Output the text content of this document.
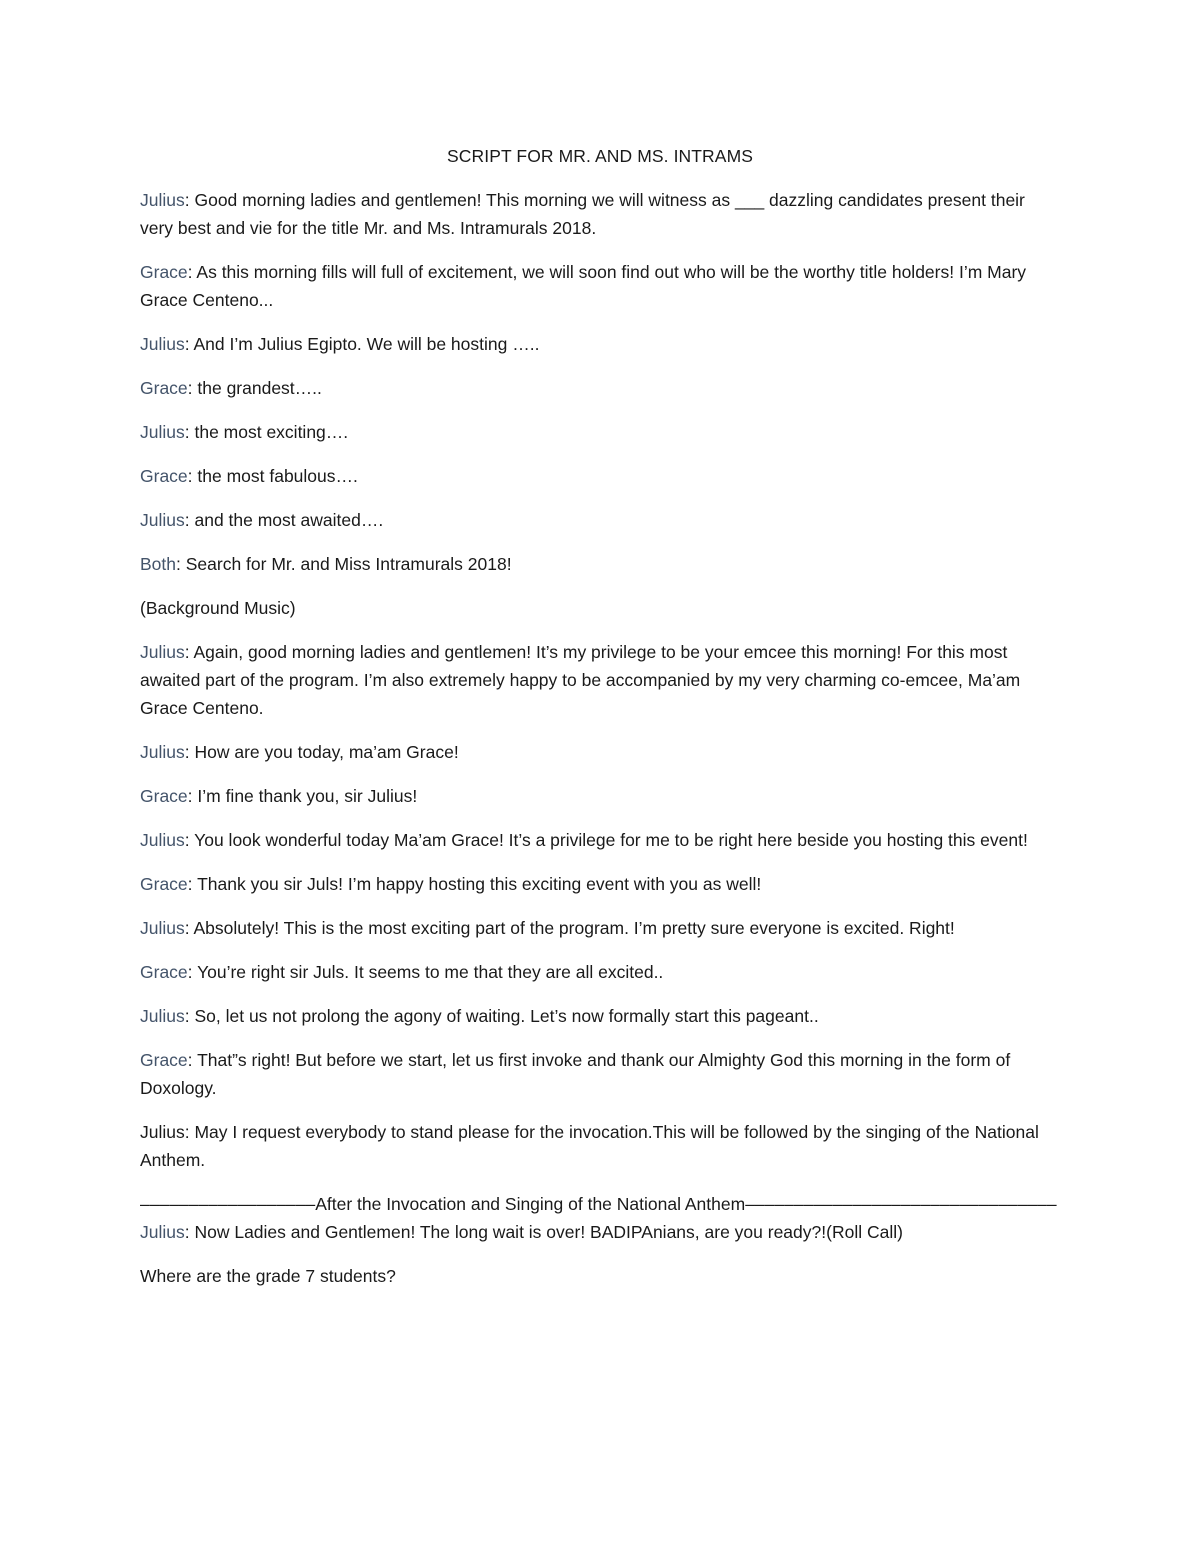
SCRIPT FOR MR. AND MS. INTRAMS

Julius: Good morning ladies and gentlemen! This morning we will witness as ___ dazzling candidates present their very best and vie for the title Mr. and Ms. Intramurals 2018.

Grace: As this morning fills will full of excitement, we will soon find out who will be the worthy title holders! I’m Mary Grace Centeno...

Julius: And I’m Julius Egipto. We will be hosting …..

Grace: the grandest…..

Julius: the most exciting….

Grace: the most fabulous….

Julius: and the most awaited….

Both: Search for Mr. and Miss Intramurals 2018!

(Background Music)

Julius: Again, good morning ladies and gentlemen! It’s my privilege to be your emcee this morning! For this most awaited part of the program. I’m also extremely happy to be accompanied by my very charming co-emcee, Ma’am Grace Centeno.

Julius: How are you today, ma’am Grace!

Grace: I’m fine thank you, sir Julius!

Julius: You look wonderful today Ma’am Grace! It’s a privilege for me to be right here beside you hosting this event!

Grace: Thank you sir Juls! I’m happy hosting this exciting event with you as well!

Julius: Absolutely! This is the most exciting part of the program. I’m pretty sure everyone is excited. Right!

Grace: You’re right sir Juls. It seems to me that they are all excited..

Julius: So, let us not prolong the agony of waiting. Let’s now formally start this pageant..

Grace: That”s right! But before we start, let us first invoke and thank our Almighty God this morning in the form of Doxology.

Julius: May I request everybody to stand please for the invocation.This will be followed by the singing of the National Anthem.

––––––––––––––––––After the Invocation and Singing of the National Anthem––––––––––––––––––––––––––––––––

Julius: Now Ladies and Gentlemen! The long wait is over! BADIPAnians, are you ready?!(Roll Call)

Where are the grade 7 students?
